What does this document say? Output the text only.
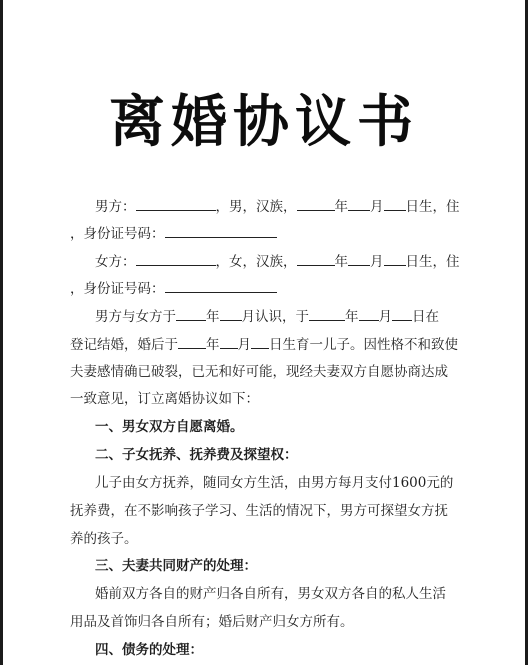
离婚协议书
男方：	，男，汉族，	年 月 日生，住
，身份证号码：
女方：	，女，汉族，	年 月 日生，住
，身份证号码：
男方与女方于 年 月认识，于	年 月 日在
登记结婚，婚后于 年 月 日生育一儿子。因性格不和致使
夫妻感情确已破裂，已无和好可能，现经夫妻双方自愿协商达成
一致意见，订立离婚协议如下：
一、男女双方自愿离婚。
二、子女抚养、抚养费及探望权：
儿子由女方抚养，随同女方生活，由男方每月支付1600元的
抚养费，在不影响孩子学习、生活的情况下，男方可探望女方抚
养的孩子。
三、夫妻共同财产的处理：
婚前双方各自的财产归各自所有，男女双方各自的私人生活
用品及首饰归各自所有；婚后财产归女方所有。
四、债务的处理：
